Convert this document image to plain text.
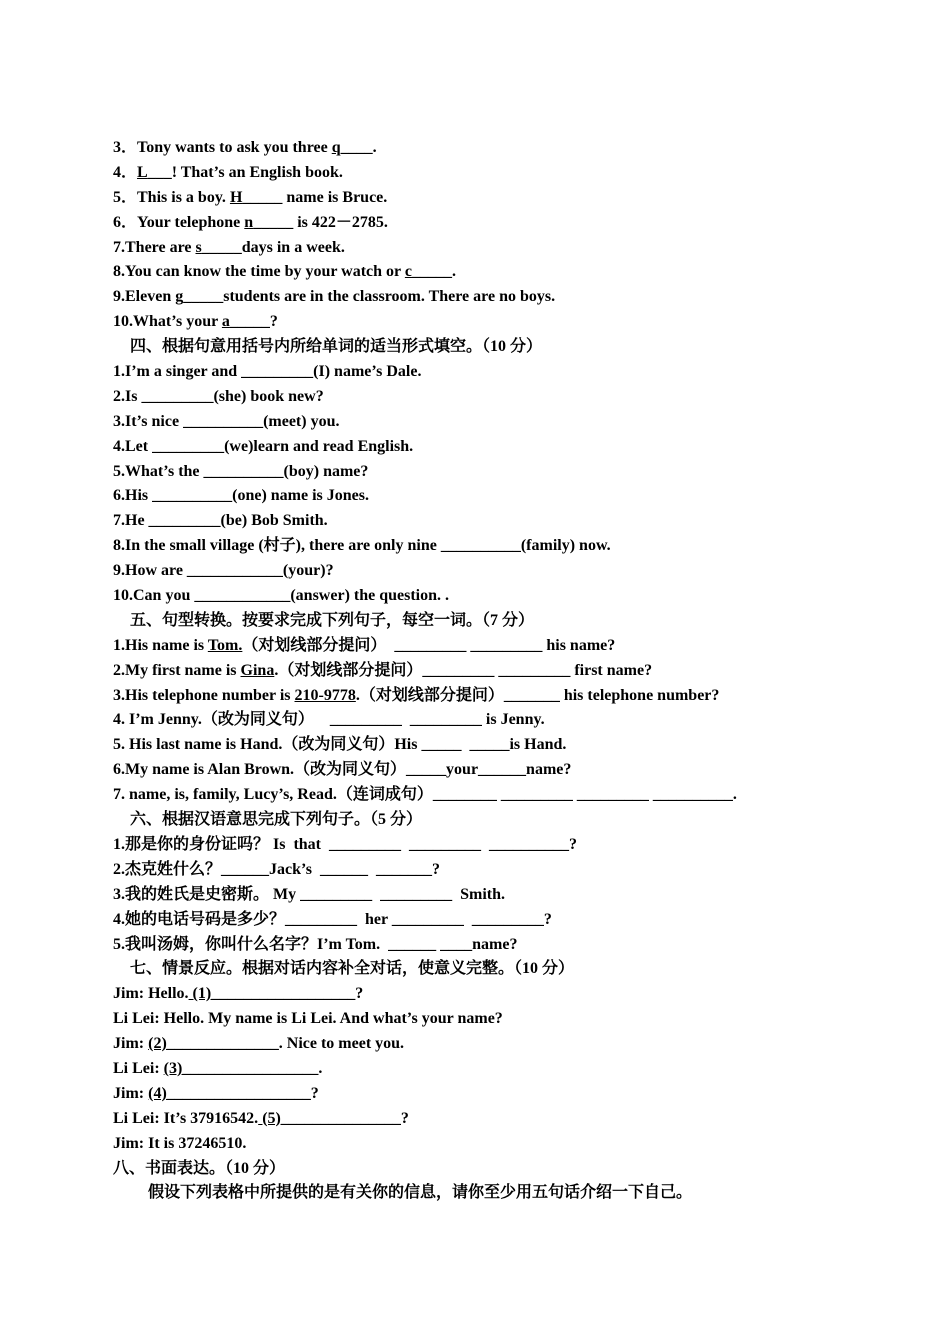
3．Tony wants to ask you three q____.
4．L___! That’s an English book.
5．This is a boy. H_____ name is Bruce.
6．Your telephone n_____ is 422－2785.
7.There are s_____days in a week.
8.You can know the time by your watch or c_____.
9.Eleven g_____students are in the classroom. There are no boys.
10.What’s your a_____?
四、根据句意用括号内所给单词的适当形式填空。（10 分）
1.I’m a singer and _________(I) name’s Dale.
2.Is _________(she) book new?
3.It’s nice __________(meet) you.
4.Let _________(we)learn and read English.
5.What’s the __________(boy) name?
6.His __________(one) name is Jones.
7.He _________(be) Bob Smith.
8.In the small village (村子), there are only nine __________(family) now.
9.How are ____________(your)?
10.Can you ____________(answer) the question. .
五、句型转换。按要求完成下列句子，每空一词。（7 分）
1.His name is Tom.（对划线部分提问）  _________ _________ his name?
2.My first name is Gina.（对划线部分提问）_________ _________ first name?
3.His telephone number is 210-9778.（对划线部分提问）_______ his telephone number?
4. I’m Jenny.（改为同义句）    _________  _________ is Jenny.
5. His last name is Hand.（改为同义句）His _____  _____is Hand.
6.My name is Alan Brown.（改为同义句）_____your______name?
7. name, is, family, Lucy’s, Read.（连词成句）________ _________ _________ __________.
六、根据汉语意思完成下列句子。（5 分）
1.那是你的身份证吗？ Is  that  _________  _________  __________?
2.杰克姓什么？______Jack’s  ______  _______?
3.我的姓氏是史密斯。 My _________  _________  Smith.
4.她的电话号码是多少？_________  her _________  _________?
5.我叫汤姆，你叫什么名字？I’m Tom.  ______ ____name?
七、情景反应。根据对话内容补全对话，使意义完整。（10 分）
Jim: Hello. (1)__________________?
Li Lei: Hello. My name is Li Lei. And what’s your name?
Jim: (2)______________. Nice to meet you.
Li Lei: (3)_________________.
Jim: (4)__________________?
Li Lei: It’s 37916542. (5)_______________?
Jim: It is 37246510.
八、书面表达。（10 分）
假设下列表格中所提供的是有关你的信息，请你至少用五句话介绍一下自己。
